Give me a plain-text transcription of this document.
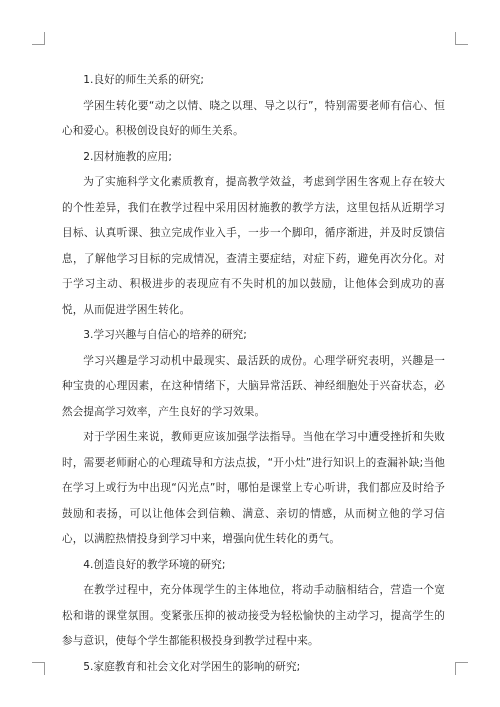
1.良好的师生关系的研究;

学困生转化要“动之以情、晓之以理、导之以行”，特别需要老师有信心、恒心和爱心。积极创设良好的师生关系。

2.因材施教的应用;

为了实施科学文化素质教育，提高教学效益，考虑到学困生客观上存在较大的个性差异，我们在教学过程中采用因材施教的教学方法，这里包括从近期学习目标、认真听课、独立完成作业入手，一步一个脚印，循序渐进，并及时反馈信息，了解他学习目标的完成情况，查清主要症结，对症下药，避免再次分化。对于学习主动、积极进步的表现应有不失时机的加以鼓励，让他体会到成功的喜悦，从而促进学困生转化。

3.学习兴趣与自信心的培养的研究;

学习兴趣是学习动机中最现实、最活跃的成份。心理学研究表明，兴趣是一种宝贵的心理因素，在这种情绪下，大脑异常活跃、神经细胞处于兴奋状态，必然会提高学习效率，产生良好的学习效果。

对于学困生来说，教师更应该加强学法指导。当他在学习中遭受挫折和失败时，需要老师耐心的心理疏导和方法点拔，“开小灶”进行知识上的查漏补缺;当他在学习上或行为中出现“闪光点”时，哪怕是课堂上专心听讲，我们都应及时给予鼓励和表扬，可以让他体会到信赖、满意、亲切的情感，从而树立他的学习信心，以满腔热情投身到学习中来，增强向优生转化的勇气。

4.创造良好的教学环境的研究;

在教学过程中，充分体现学生的主体地位，将动手动脑相结合，营造一个宽松和谐的课堂氛围。变紧张压抑的被动接受为轻松愉快的主动学习，提高学生的参与意识，使每个学生都能积极投身到教学过程中来。

5.家庭教育和社会文化对学困生的影响的研究;
